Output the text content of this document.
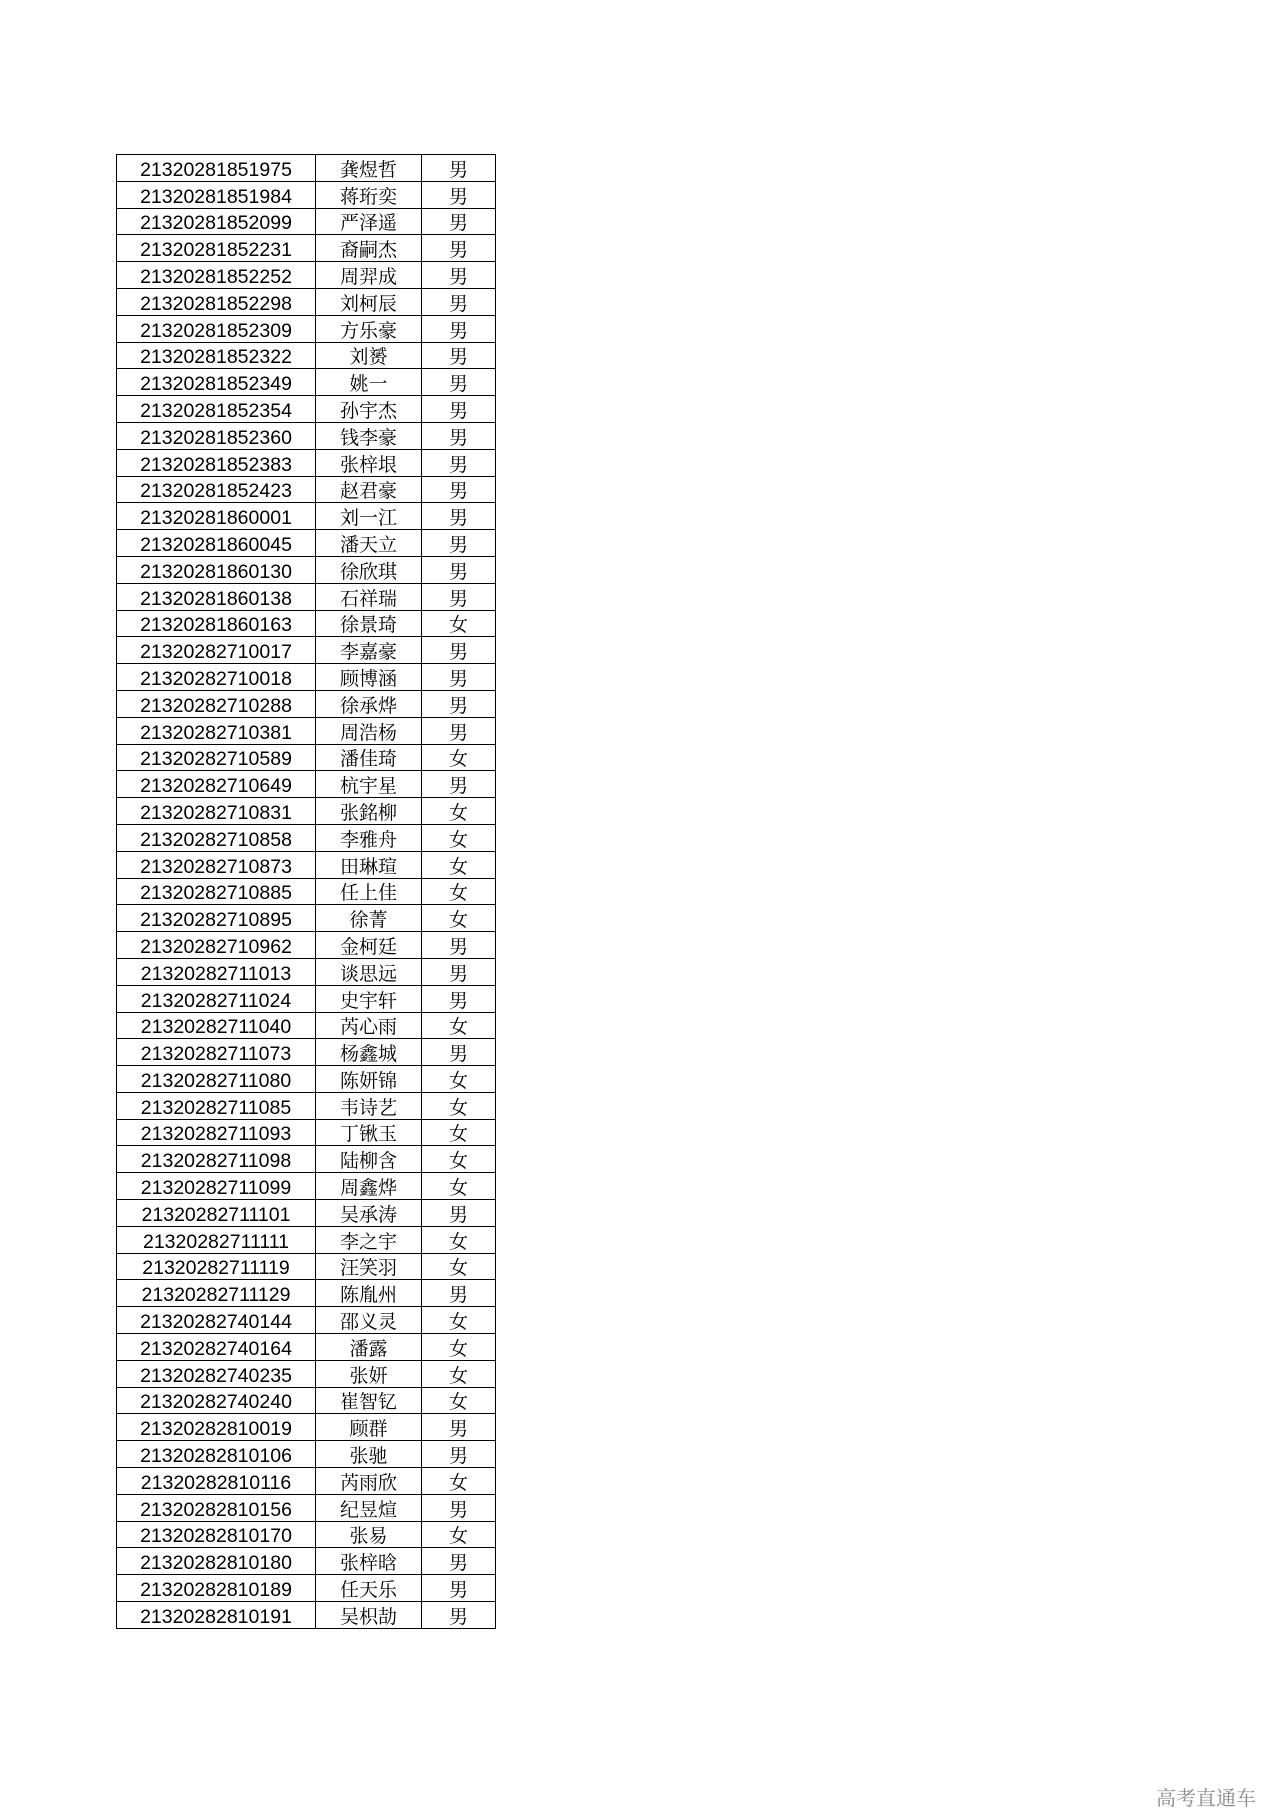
21320281851975	龚煜哲	男
21320281851984	蒋珩奕	男
21320281852099	严泽遥	男
21320281852231	裔嗣杰	男
21320281852252	周羿成	男
21320281852298	刘柯辰	男
21320281852309	方乐豪	男
21320281852322	刘赟	男
21320281852349	姚一	男
21320281852354	孙宇杰	男
21320281852360	钱李豪	男
21320281852383	张梓垠	男
21320281852423	赵君豪	男
21320281860001	刘一江	男
21320281860045	潘天立	男
21320281860130	徐欣琪	男
21320281860138	石祥瑞	男
21320281860163	徐景琦	女
21320282710017	李嘉豪	男
21320282710018	顾博涵	男
21320282710288	徐承烨	男
21320282710381	周浩杨	男
21320282710589	潘佳琦	女
21320282710649	杭宇星	男
21320282710831	张銘柳	女
21320282710858	李雅舟	女
21320282710873	田琳瑄	女
21320282710885	任上佳	女
21320282710895	徐菁	女
21320282710962	金柯廷	男
21320282711013	谈思远	男
21320282711024	史宇轩	男
21320282711040	芮心雨	女
21320282711073	杨鑫城	男
21320282711080	陈妍锦	女
21320282711085	韦诗艺	女
21320282711093	丁锹玉	女
21320282711098	陆柳含	女
21320282711099	周鑫烨	女
21320282711101	吴承涛	男
21320282711111	李之宇	女
21320282711119	汪笑羽	女
21320282711129	陈胤州	男
21320282740144	邵义灵	女
21320282740164	潘露	女
21320282740235	张妍	女
21320282740240	崔智钇	女
21320282810019	顾群	男
21320282810106	张驰	男
21320282810116	芮雨欣	女
21320282810156	纪昱煊	男
21320282810170	张易	女
21320282810180	张梓晗	男
21320282810189	任天乐	男
21320282810191	吴枳劼	男
高考直通车
